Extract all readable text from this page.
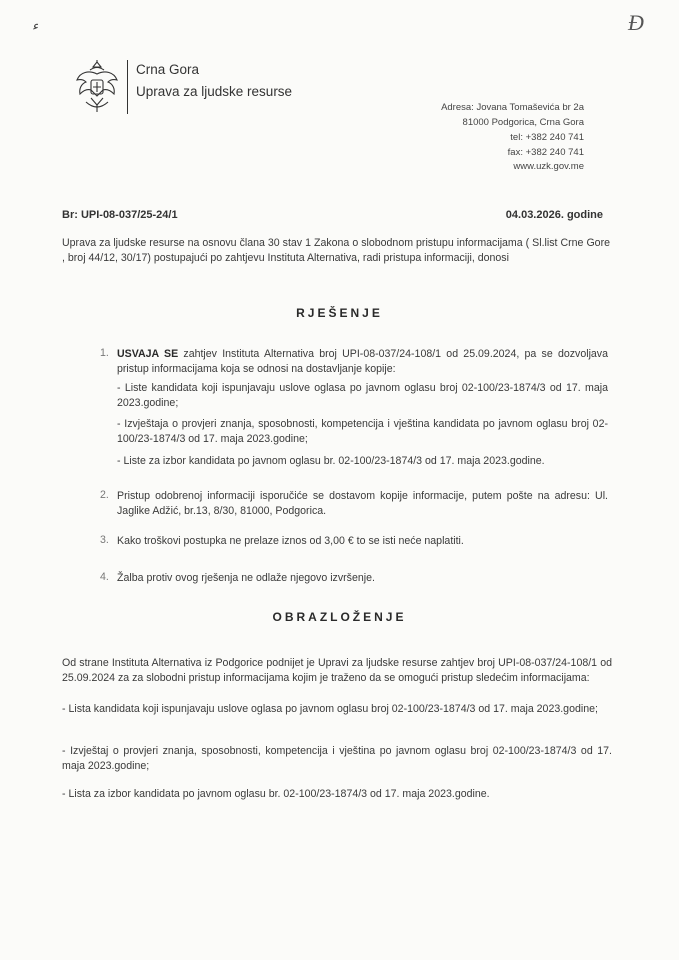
ء	Ɖ
Crna Gora
Uprava za ljudske resurse
Adresa: Jovana Tomaševića br 2a
81000 Podgorica, Crna Gora
tel: +382 240 741
fax: +382 240 741
www.uzk.gov.me
Br: UPI-08-037/25-24/1	04.03.2026. godine
Uprava za ljudske resurse na osnovu člana 30 stav 1 Zakona o slobodnom pristupu informacijama ( Sl.list Crne Gore , broj 44/12, 30/17) postupajući po zahtjevu Instituta Alternativa, radi pristupa informaciji, donosi
RJEŠENJE
1. USVAJA SE zahtjev Instituta Alternativa broj UPI-08-037/24-108/1 od 25.09.2024, pa se dozvoljava pristup informacijama koja se odnosi na dostavljanje kopije:
- Liste kandidata koji ispunjavaju uslove oglasa po javnom oglasu broj 02-100/23-1874/3 od 17. maja 2023.godine;
- Izvještaja o provjeri znanja, sposobnosti, kompetencija i vještina kandidata po javnom oglasu broj 02-100/23-1874/3 od 17. maja 2023.godine;
- Liste za izbor kandidata po javnom oglasu br. 02-100/23-1874/3 od 17. maja 2023.godine.
2. Pristup odobrenoj informaciji isporučiće se dostavom kopije informacije, putem pošte na adresu: Ul. Jaglike Adžić, br.13, 8/30, 81000, Podgorica.
3. Kako troškovi postupka ne prelaze iznos od 3,00 € to se isti neće naplatiti.
4. Žalba protiv ovog rješenja ne odlaže njegovo izvršenje.
OBRAZLOŽENJE
Od strane Instituta Alternativa iz Podgorice podnijet je Upravi za ljudske resurse zahtjev broj UPI-08-037/24-108/1 od 25.09.2024 za za slobodni pristup informacijama kojim je traženo da se omogući pristup sledećim informacijama:
- Lista kandidata koji ispunjavaju uslove oglasa po javnom oglasu broj 02-100/23-1874/3 od 17. maja 2023.godine;
- Izvještaj o provjeri znanja, sposobnosti, kompetencija i vještina po javnom oglasu broj 02-100/23-1874/3 od 17. maja 2023.godine;
- Lista za izbor kandidata po javnom oglasu br. 02-100/23-1874/3 od 17. maja 2023.godine.
